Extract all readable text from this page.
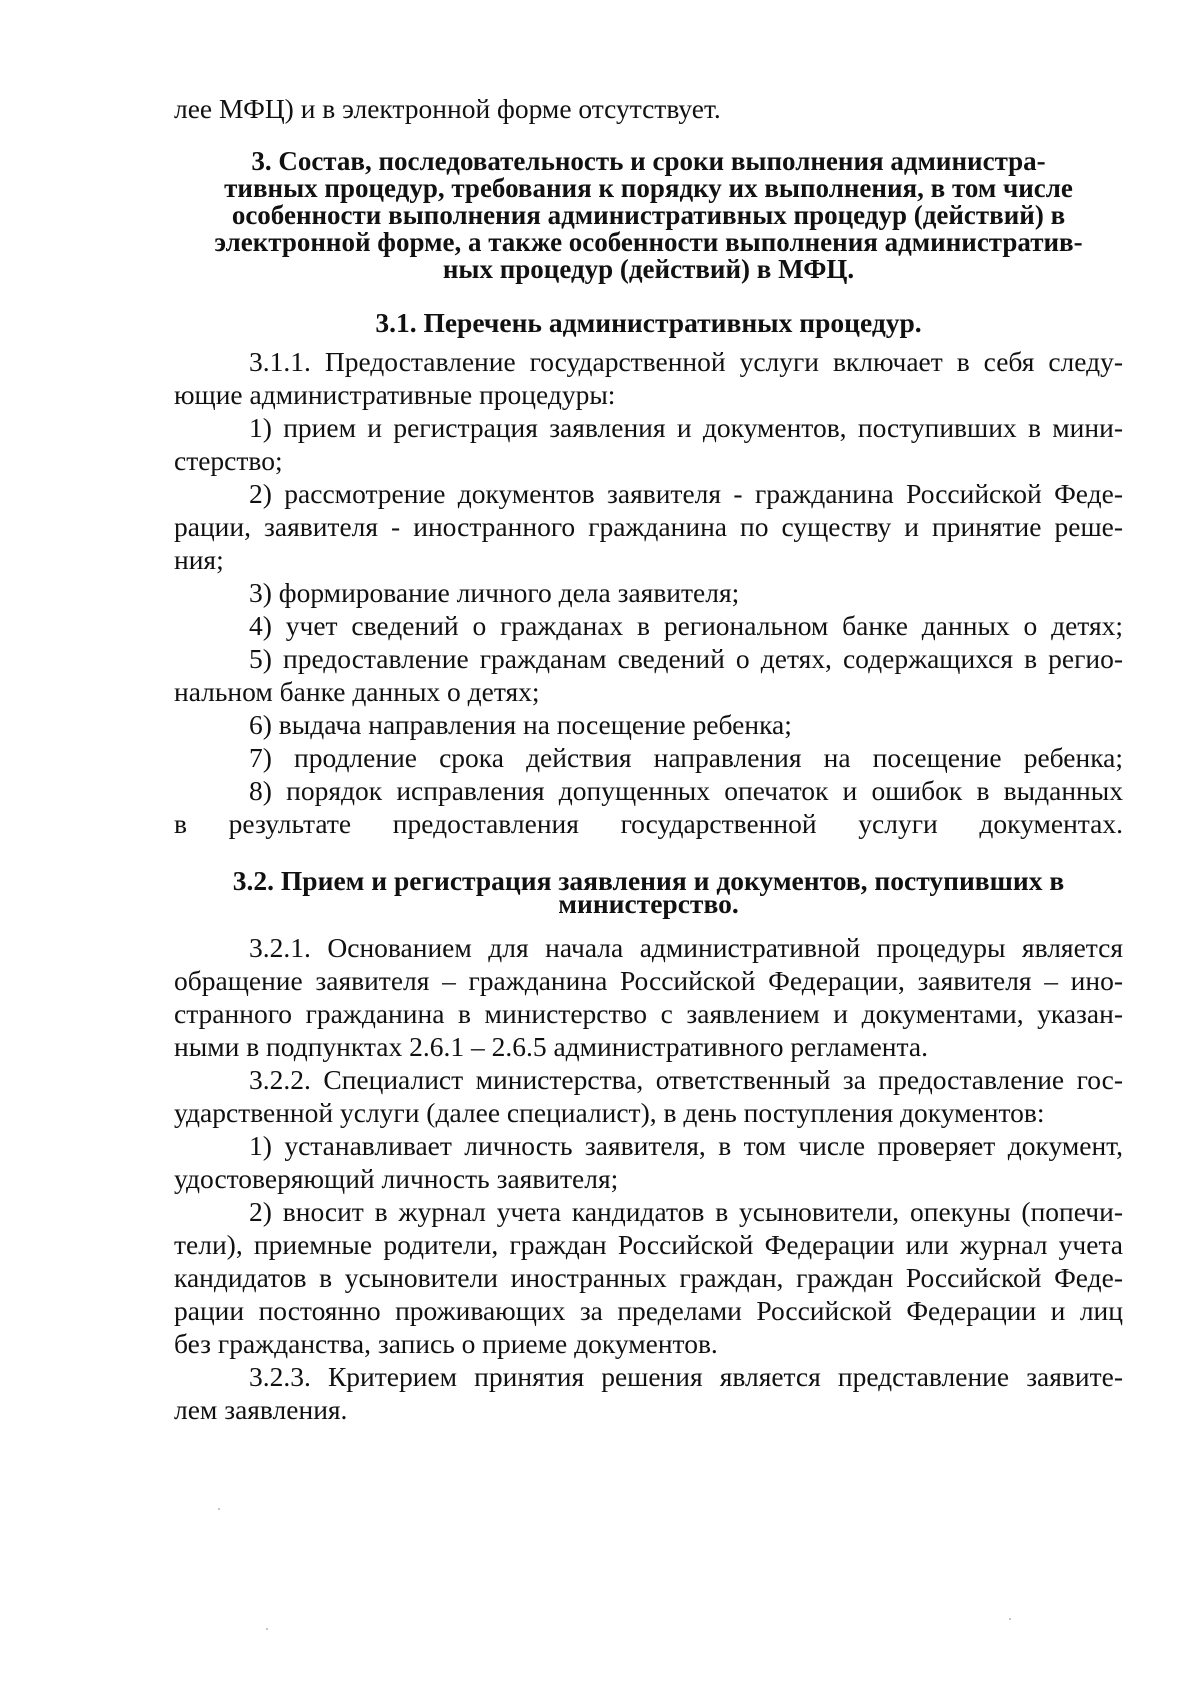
лее МФЦ) и в электронной форме отсутствует.
3. Состав, последовательность и сроки выполнения администра-
тивных процедур, требования к порядку их выполнения, в том числе
особенности выполнения административных процедур (действий) в
электронной форме, а также особенности выполнения административ-
ных процедур (действий) в МФЦ.
3.1. Перечень административных процедур.
3.1.1. Предоставление государственной услуги включает в себя следу-
ющие административные процедуры:
1) прием и регистрация заявления и документов, поступивших в мини-
стерство;
2) рассмотрение документов заявителя - гражданина Российской Феде-
рации, заявителя - иностранного гражданина по существу и принятие реше-
ния;
3) формирование личного дела заявителя;
4) учет сведений о гражданах в региональном банке данных о детях;
5) предоставление гражданам сведений о детях, содержащихся в регио-
нальном банке данных о детях;
6) выдача направления на посещение ребенка;
7) продление срока действия направления на посещение ребенка;
8) порядок исправления допущенных опечаток и ошибок в выданных
в результате предоставления государственной услуги документах.
3.2. Прием и регистрация заявления и документов, поступивших в
министерство.
3.2.1. Основанием для начала административной процедуры является
обращение заявителя – гражданина Российской Федерации, заявителя – ино-
странного гражданина в министерство с заявлением и документами, указан-
ными в подпунктах 2.6.1 – 2.6.5 административного регламента.
3.2.2. Специалист министерства, ответственный за предоставление гос-
ударственной услуги (далее специалист), в день поступления документов:
1) устанавливает личность заявителя, в том числе проверяет документ,
удостоверяющий личность заявителя;
2) вносит в журнал учета кандидатов в усыновители, опекуны (попечи-
тели), приемные родители, граждан Российской Федерации или журнал учета
кандидатов в усыновители иностранных граждан, граждан Российской Феде-
рации постоянно проживающих за пределами Российской Федерации и лиц
без гражданства, запись о приеме документов.
3.2.3. Критерием принятия решения является представление заявите-
лем заявления.
